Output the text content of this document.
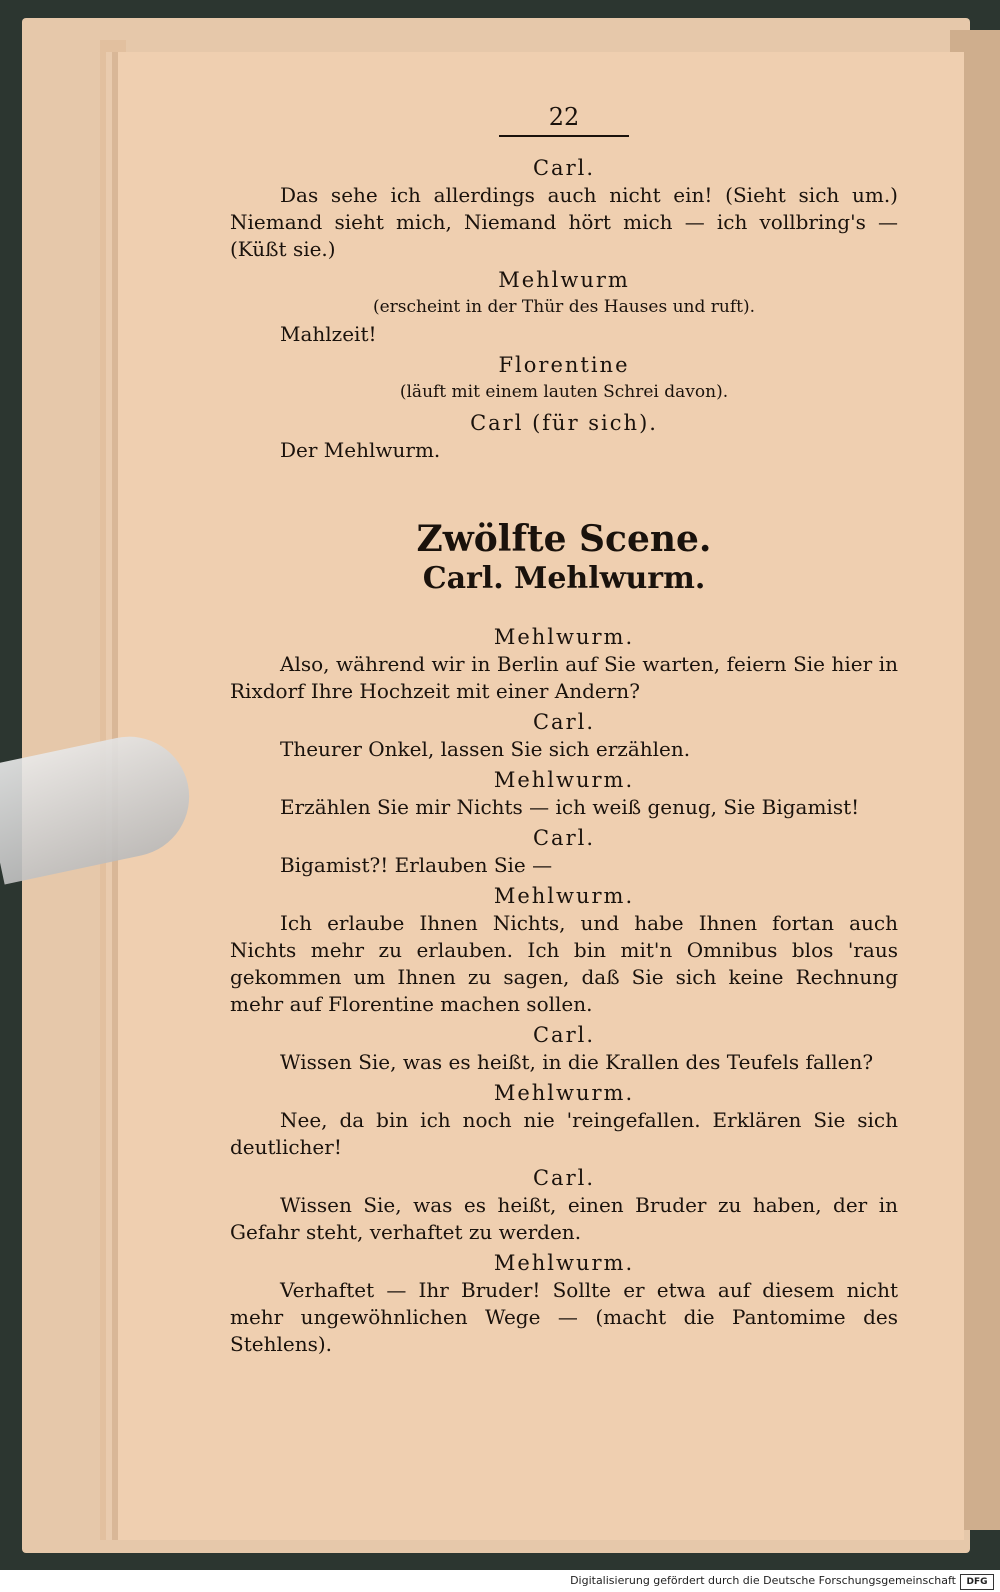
22
Carl.
Das sehe ich allerdings auch nicht ein! (Sieht sich um.) Niemand sieht mich, Niemand hört mich — ich vollbring's — (Küßt sie.)
Mehlwurm
(erscheint in der Thür des Hauses und ruft).
Mahlzeit!
Florentine
(läuft mit einem lauten Schrei davon).
Carl (für sich).
Der Mehlwurm.
Zwölfte Scene.
Carl. Mehlwurm.
Mehlwurm.
Also, während wir in Berlin auf Sie warten, feiern Sie hier in Rixdorf Ihre Hochzeit mit einer Andern?
Carl.
Theurer Onkel, lassen Sie sich erzählen.
Mehlwurm.
Erzählen Sie mir Nichts — ich weiß genug, Sie Bigamist!
Carl.
Bigamist?! Erlauben Sie —
Mehlwurm.
Ich erlaube Ihnen Nichts, und habe Ihnen fortan auch Nichts mehr zu erlauben. Ich bin mit'n Omnibus blos 'raus gekommen um Ihnen zu sagen, daß Sie sich keine Rechnung mehr auf Florentine machen sollen.
Carl.
Wissen Sie, was es heißt, in die Krallen des Teufels fallen?
Mehlwurm.
Nee, da bin ich noch nie 'reingefallen. Erklären Sie sich deutlicher!
Carl.
Wissen Sie, was es heißt, einen Bruder zu haben, der in Gefahr steht, verhaftet zu werden.
Mehlwurm.
Verhaftet — Ihr Bruder! Sollte er etwa auf diesem nicht mehr ungewöhnlichen Wege — (macht die Pantomime des Stehlens).
Digitalisierung gefördert durch die Deutsche Forschungsgemeinschaft	DFG
